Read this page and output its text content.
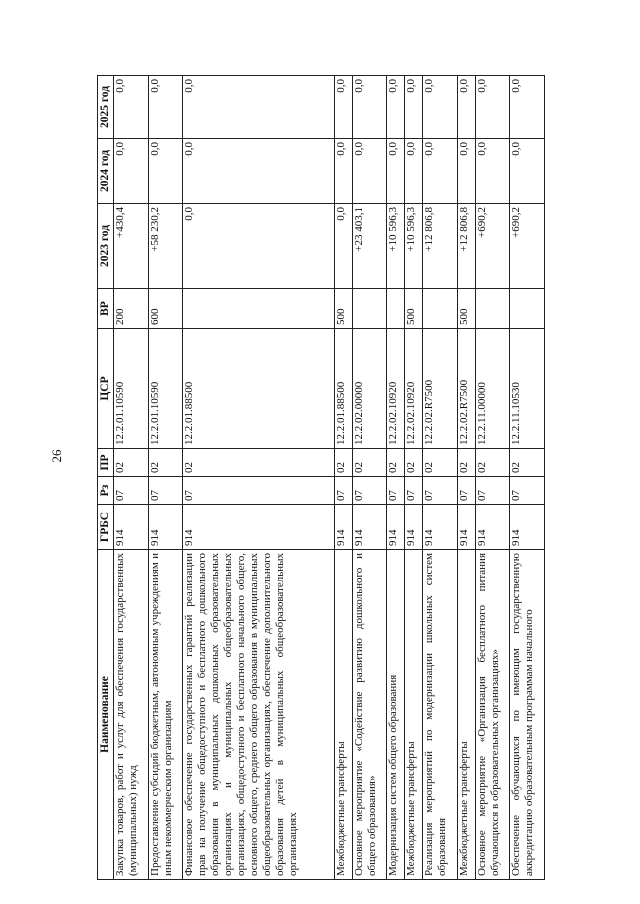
26
Наименование	ГРБС	Рз	ПР	ЦСР	ВР	2023 год	2024 год	2025 год
Закупка товаров, работ и услуг для обеспечения государственных (муниципальных) нужд	914	07	02	12.2.01.10590	200	+430,4	0,0	0,0
Предоставление субсидий бюджетным, автономным учреждениям и иным некоммерческим организациям	914	07	02	12.2.01.10590	600	+58 230,2	0,0	0,0
Финансовое обеспечение государственных гарантий реализации прав на получение общедоступного и бесплатного дошкольного образования в муниципальных дошкольных образовательных организациях и муниципальных общеобразовательных организациях, общедоступного и бесплатного начального общего, основного общего, среднего общего образования в муниципальных общеобразовательных организациях, обеспечение дополнительного образования детей в муниципальных общеобразовательных организациях	914	07	02	12.2.01.88500		0,0	0,0	0,0
Межбюджетные трансферты	914	07	02	12.2.01.88500	500	0,0	0,0	0,0
Основное мероприятие «Содействие развитию дошкольного и общего образования»	914	07	02	12.2.02.00000		+23 403,1	0,0	0,0
Модернизация систем общего образования	914	07	02	12.2.02.10920		+10 596,3	0,0	0,0
Межбюджетные трансферты	914	07	02	12.2.02.10920	500	+10 596,3	0,0	0,0
Реализация мероприятий по модернизации школьных систем образования	914	07	02	12.2.02.R7500		+12 806,8	0,0	0,0
Межбюджетные трансферты	914	07	02	12.2.02.R7500	500	+12 806,8	0,0	0,0
Основное мероприятие «Организация бесплатного питания обучающихся в образовательных организациях»	914	07	02	12.2.11.00000		+690,2	0,0	0,0
Обеспечение обучающихся по имеющим государственную аккредитацию образовательным программам начального	914	07	02	12.2.11.10530		+690,2	0,0	0,0
